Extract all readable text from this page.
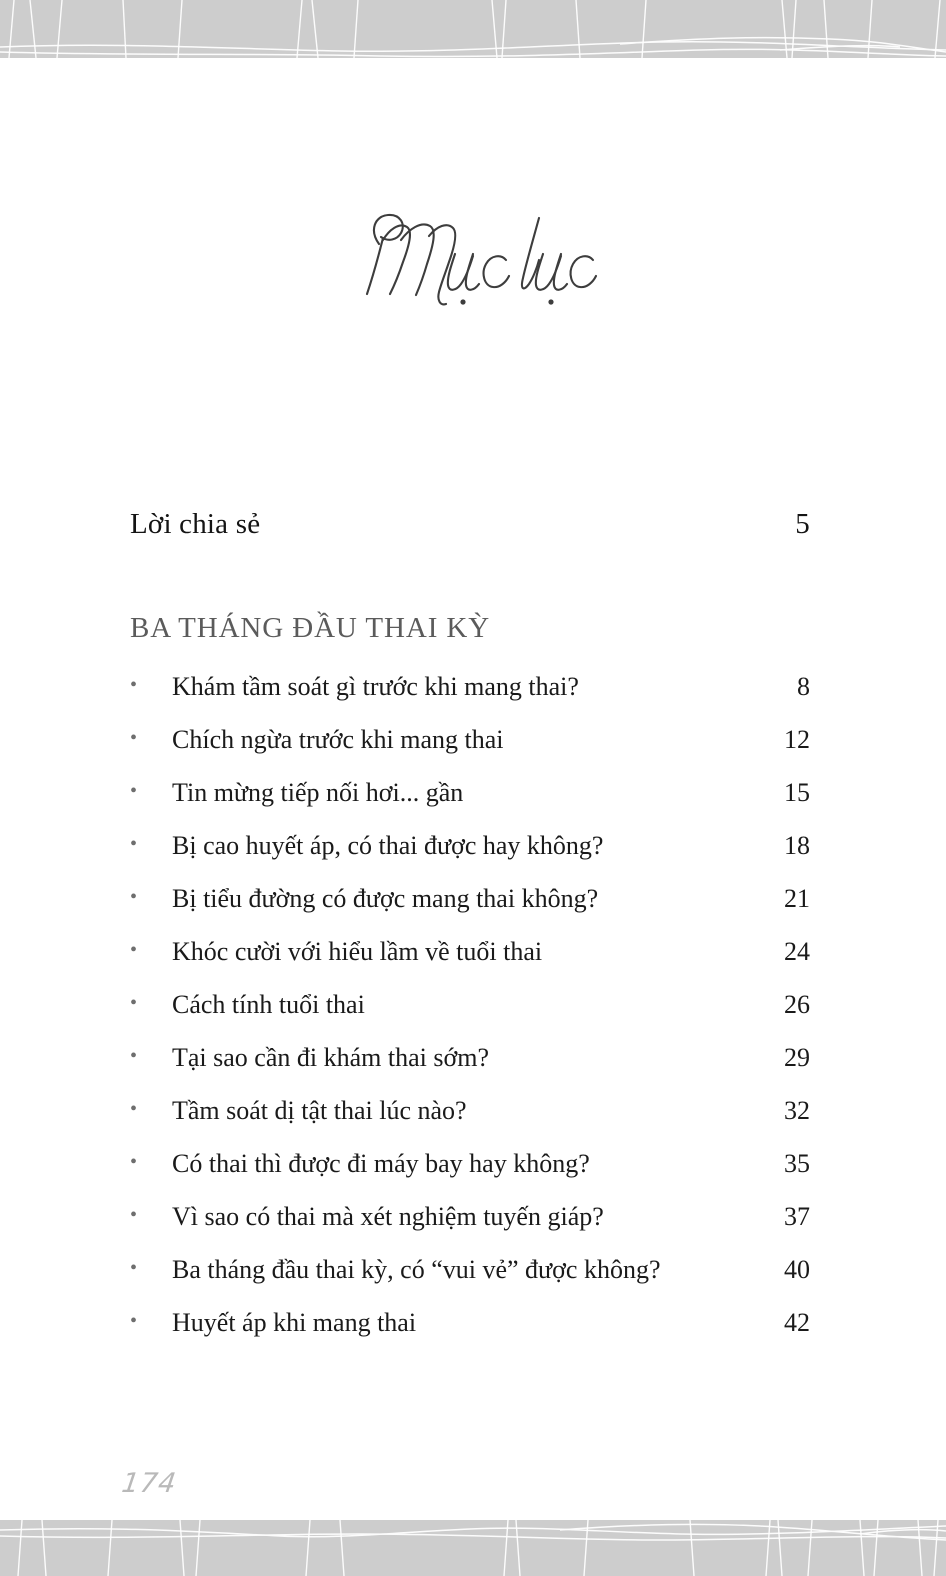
Lời chia sẻ	5
BA THÁNG ĐẦU THAI KỲ
•	Khám tầm soát gì trước khi mang thai?	8
•	Chích ngừa trước khi mang thai	12
•	Tin mừng tiếp nối hơi... gần	15
•	Bị cao huyết áp, có thai được hay không?	18
•	Bị tiểu đường có được mang thai không?	21
•	Khóc cười với hiểu lầm về tuổi thai	24
•	Cách tính tuổi thai	26
•	Tại sao cần đi khám thai sớm?	29
•	Tầm soát dị tật thai lúc nào?	32
•	Có thai thì được đi máy bay hay không?	35
•	Vì sao có thai mà xét nghiệm tuyến giáp?	37
•	Ba tháng đầu thai kỳ, có “vui vẻ” được không?	40
•	Huyết áp khi mang thai	42
174
